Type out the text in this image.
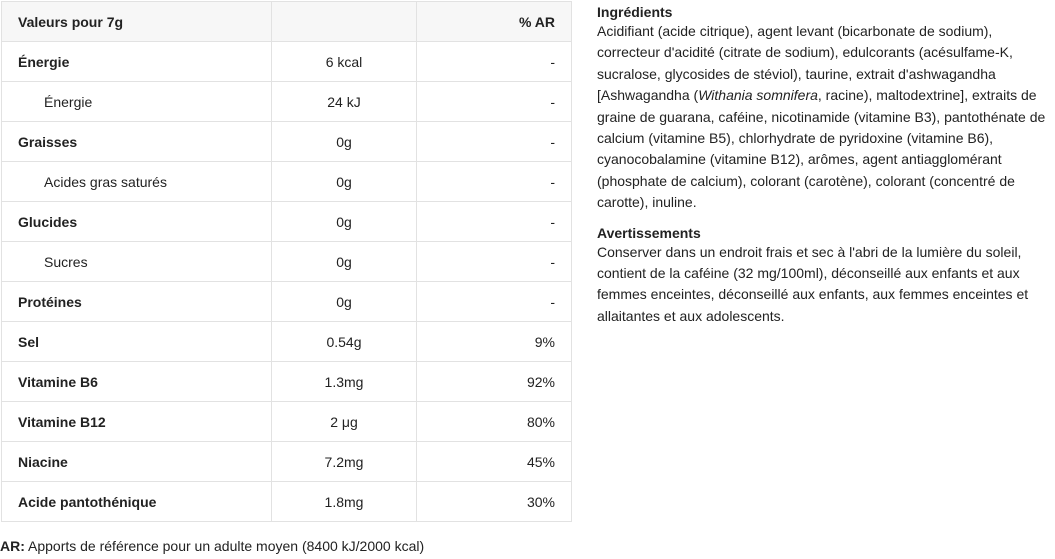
Valeurs pour 7g		% AR
Énergie	6 kcal	-
Énergie	24 kJ	-
Graisses	0g	-
Acides gras saturés	0g	-
Glucides	0g	-
Sucres	0g	-
Protéines	0g	-
Sel	0.54g	9%
Vitamine B6	1.3mg	92%
Vitamine B12	2 μg	80%
Niacine	7.2mg	45%
Acide pantothénique	1.8mg	30%
AR: Apports de référence pour un adulte moyen (8400 kJ/2000 kcal)
Ingrédients

Acidifiant (acide citrique), agent levant (bicarbonate de sodium), correcteur d'acidité (citrate de sodium), edulcorants (acésulfame-K, sucralose, glycosides de stéviol), taurine, extrait d'ashwagandha [Ashwagandha (Withania somnifera, racine), maltodextrine], extraits de graine de guarana, caféine, nicotinamide (vitamine B3), pantothénate de calcium (vitamine B5), chlorhydrate de pyridoxine (vitamine B6), cyanocobalamine (vitamine B12), arômes, agent antiagglomérant (phosphate de calcium), colorant (carotène), colorant (concentré de carotte), inuline.

Avertissements

Conserver dans un endroit frais et sec à l'abri de la lumière du soleil, contient de la caféine (32 mg/100ml), déconseillé aux enfants et aux femmes enceintes, déconseillé aux enfants, aux femmes enceintes et allaitantes et aux adolescents.
